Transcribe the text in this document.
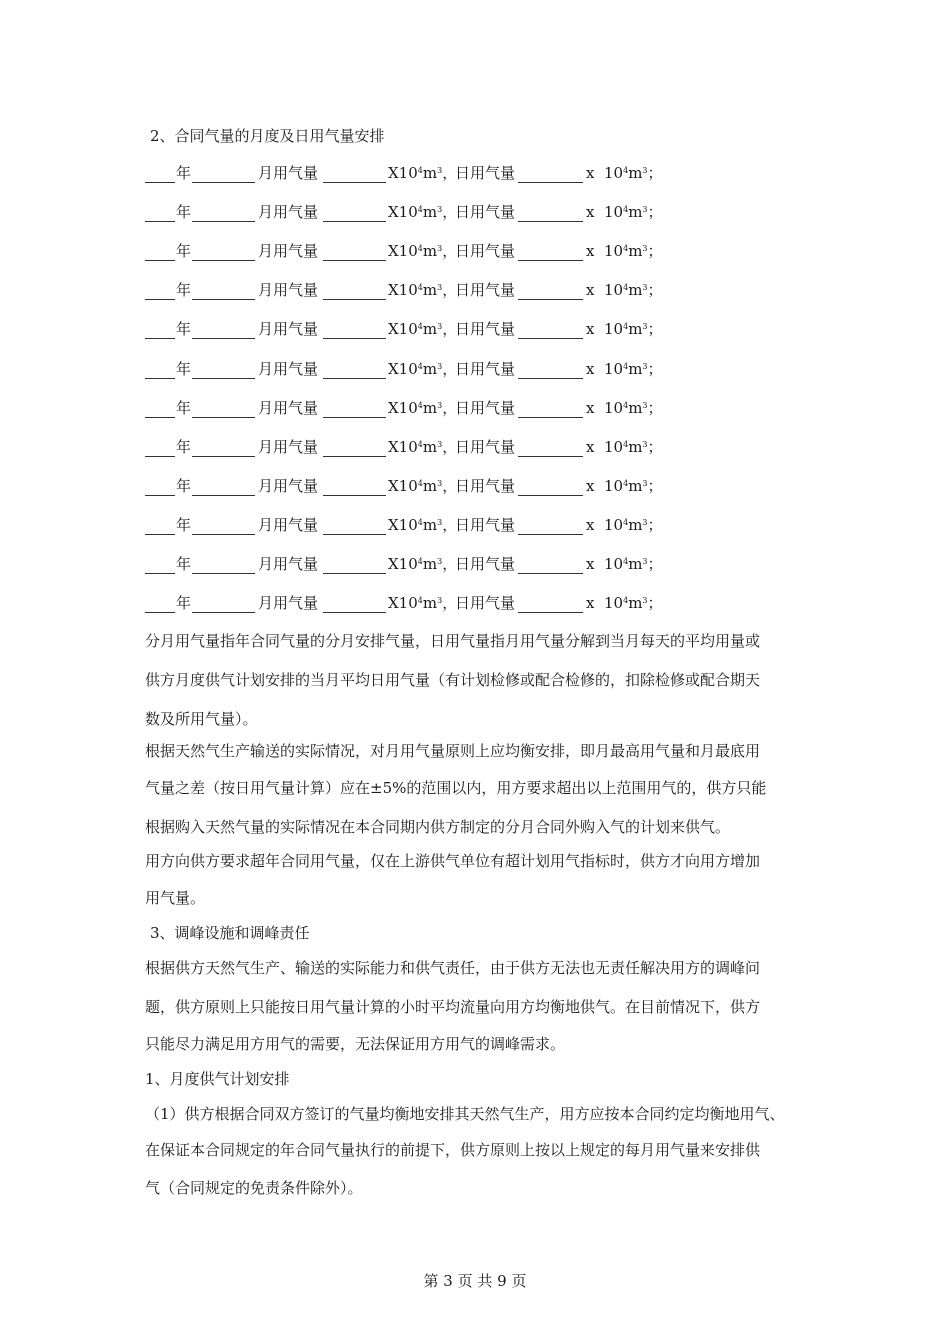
2、合同气量的月度及日用气量安排
年	月用气量	$X10^4m^3$，
日用气量	x  $10^4m^3$；
年	月用气量	$X10^4m^3$，
日用气量	x  $10^4m^3$；
年	月用气量	$X10^4m^3$，
日用气量	x  $10^4m^3$；
年	月用气量	$X10^4m^3$，
日用气量	x  $10^4m^3$；
年	月用气量	$X10^4m^3$，
日用气量	x  $10^4m^3$；
年	月用气量	$X10^4m^3$，
日用气量	x  $10^4m^3$；
年	月用气量	$X10^4m^3$，
日用气量	x  $10^4m^3$；
年	月用气量	$X10^4m^3$，
日用气量	x  $10^4m^3$；
年	月用气量	$X10^4m^3$，
日用气量	x  $10^4m^3$；
年	月用气量	$X10^4m^3$，
日用气量	x  $10^4m^3$；
年	月用气量	$X10^4m^3$，
日用气量	x  $10^4m^3$；
年	月用气量	$X10^4m^3$，
日用气量	x  $10^4m^3$；
分月用气量指年合同气量的分月安排气量，日用气量指月用气量分解到当月每天的平均用量或
供方月度供气计划安排的当月平均日用气量（有计划检修或配合检修的，扣除检修或配合期天
数及所用气量）。
根据天然气生产输送的实际情况，对月用气量原则上应均衡安排，即月最高用气量和月最底用
气量之差（按日用气量计算）应在±5%的范围以内，用方要求超出以上范围用气的，供方只能
根据购入天然气量的实际情况在本合同期内供方制定的分月合同外购入气的计划来供气。
用方向供方要求超年合同用气量，仅在上游供气单位有超计划用气指标时，供方才向用方增加
用气量。
3、调峰设施和调峰责任
根据供方天然气生产、输送的实际能力和供气责任，由于供方无法也无责任解决用方的调峰问
题，供方原则上只能按日用气量计算的小时平均流量向用方均衡地供气。在目前情况下，供方
只能尽力满足用方用气的需要，无法保证用方用气的调峰需求。
1、月度供气计划安排
（1）供方根据合同双方签订的气量均衡地安排其天然气生产，用方应按本合同约定均衡地用气、
在保证本合同规定的年合同气量执行的前提下，供方原则上按以上规定的每月用气量来安排供
气（合同规定的免责条件除外）。
第 3 页 共 9 页
